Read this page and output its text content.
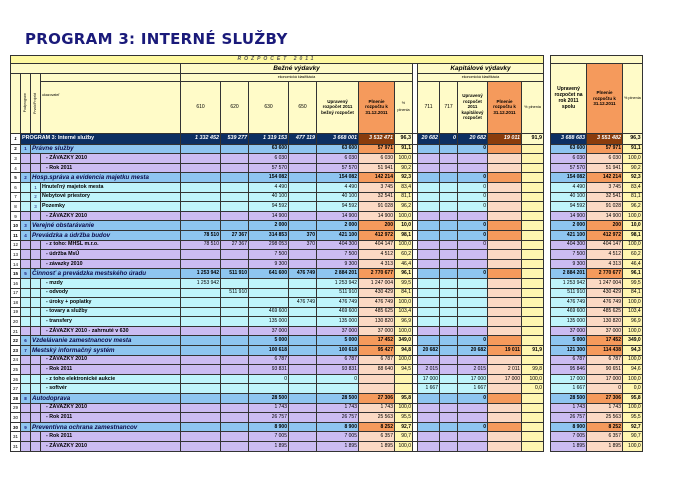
PROGRAM 3: INTERNÉ SLUŽBY
ROZPOČET 2011																				
				Bežné výdavky								Kapitálové výdavky						Upravený rozpočet na rok 2011 spolu	Plnenie rozpočtu k 31.12.2011	% plnenia

	Podprogram	Prvok/Projekt		ekonomická klasifikácia								ekonomická klasifikácia								
			ukazovateľ	610	620	630	650	Upravený rozpočet 2011 bežný rozpočet	Plnenie rozpočtu k 31.12.2011	% plnenia		711	717	Upravený rozpočet 2011 kapitálový rozpočet	Plnenie rozpočtu k 31.12.2011	% plnenia				
1	PROGRAM 3: Interné služby			1 332 452	539 277	1 319 153	477 119	3 668 001	3 532 471	96,3		20 682	0	20 682	19 011	91,9		3 688 683	3 551 482	96,3
2	1	Právne služby				63 600		63 600	57 971	91,1				0				63 600	57 971	91,1
3			- ZÁVAZKY 2010			6 030		6 030	6 030	100,0								6 030	6 030	100,0
4			- Rok 2011			57 570		57 570	51 941	90,2								57 570	51 941	90,2
5	2	Hosp.správa a evidencia majetku mesta				154 082		154 082	142 214	92,3				0				154 082	142 214	92,3
6		1	Hnuteľný majetok mesta			4 490		4 490	3 745	83,4				0				4 490	3 745	83,4
7		2	Nebytové priestory			40 100		40 100	32 541	81,1				0				40 100	32 541	81,1
8		3	Pozemky			94 592		94 592	91 028	96,2				0				94 592	91 028	96,2
9			- ZÁVAZKY 2010			14 900		14 900	14 900	100,0								14 900	14 900	100,0
10	3	Verejné obstarávanie				2 000		2 000	200	10,0				0				2 000	200	10,0
11	4	Prevádzka a údržba budov		78 510	27 367	314 853	370	421 100	412 972	98,1				0				421 100	412 972	98,1
12			- z toho: MHSL m.r.o.	78 510	27 367	298 053	370	404 300	404 147	100,0				0				404 300	404 147	100,0
13			- údržba MsÚ			7 500		7 500	4 512	60,2								7 500	4 512	60,2
14			- závazky 2010			9 300		9 300	4 313	46,4								9 300	4 313	46,4
15	5	Činnosť a prevádzka mestského úradu		1 253 942	511 910	641 600	476 749	2 884 201	2 770 677	96,1				0				2 884 201	2 770 677	96,1
16			- mzdy	1 253 942				1 253 942	1 247 004	99,5								1 253 942	1 247 004	99,5
17			- odvody		511 910			511 910	430 429	84,1								511 910	430 429	84,1
18			- úroky + poplatky				476 749	476 749	476 749	100,0								476 749	476 749	100,0
19			- tovary a služby			469 600		469 600	485 625	103,4								469 600	485 625	103,4
20			- transfery			135 000		135 000	130 820	96,9								135 000	130 820	96,9
21			- ZÁVAZKY 2010 - zahrnuté v 630			37 000		37 000	37 000	100,0								37 000	37 000	100,0
22	6	Vzdelávanie zamestnancov mesta				5 000		5 000	17 452	349,0				0				5 000	17 452	349,0
23	7	Mestský informačný systém				100 618		100 618	95 427	94,8		20 682		20 682	19 011	91,9		121 300	114 438	94,3
24			- ZÁVAZKY 2010			6 787		6 787	6 787	100,0								6 787	6 787	100,0
25			- Rok 2011			93 831		93 831	88 640	94,5		2 015		2 015	2 011	99,8		95 846	90 651	94,6
26			- z toho elektronické aukcie			0		0				17 000		17 000	17 000	100,0		17 000	17 000	100,0
27			- softvér									1 667		1 667		0,0		1 667	0	0,0
28	8	Autodoprava				28 500		28 500	27 306	95,8				0				28 500	27 306	95,8
29			- ZÁVAZKY 2010			1 743		1 743	1 743	100,0								1 743	1 743	100,0
30			- Rok 2011			26 757		26 757	25 563	95,5								26 757	25 563	95,5
30	9	Preventívna ochrana zamestnancov				8 900		8 900	8 252	92,7				0				8 900	8 252	92,7
31			- Rok 2011			7 005		7 005	6 357	90,7								7 005	6 357	90,7
31			- ZÁVAZKY 2010			1 895		1 895	1 895	100,0								1 895	1 895	100,0
